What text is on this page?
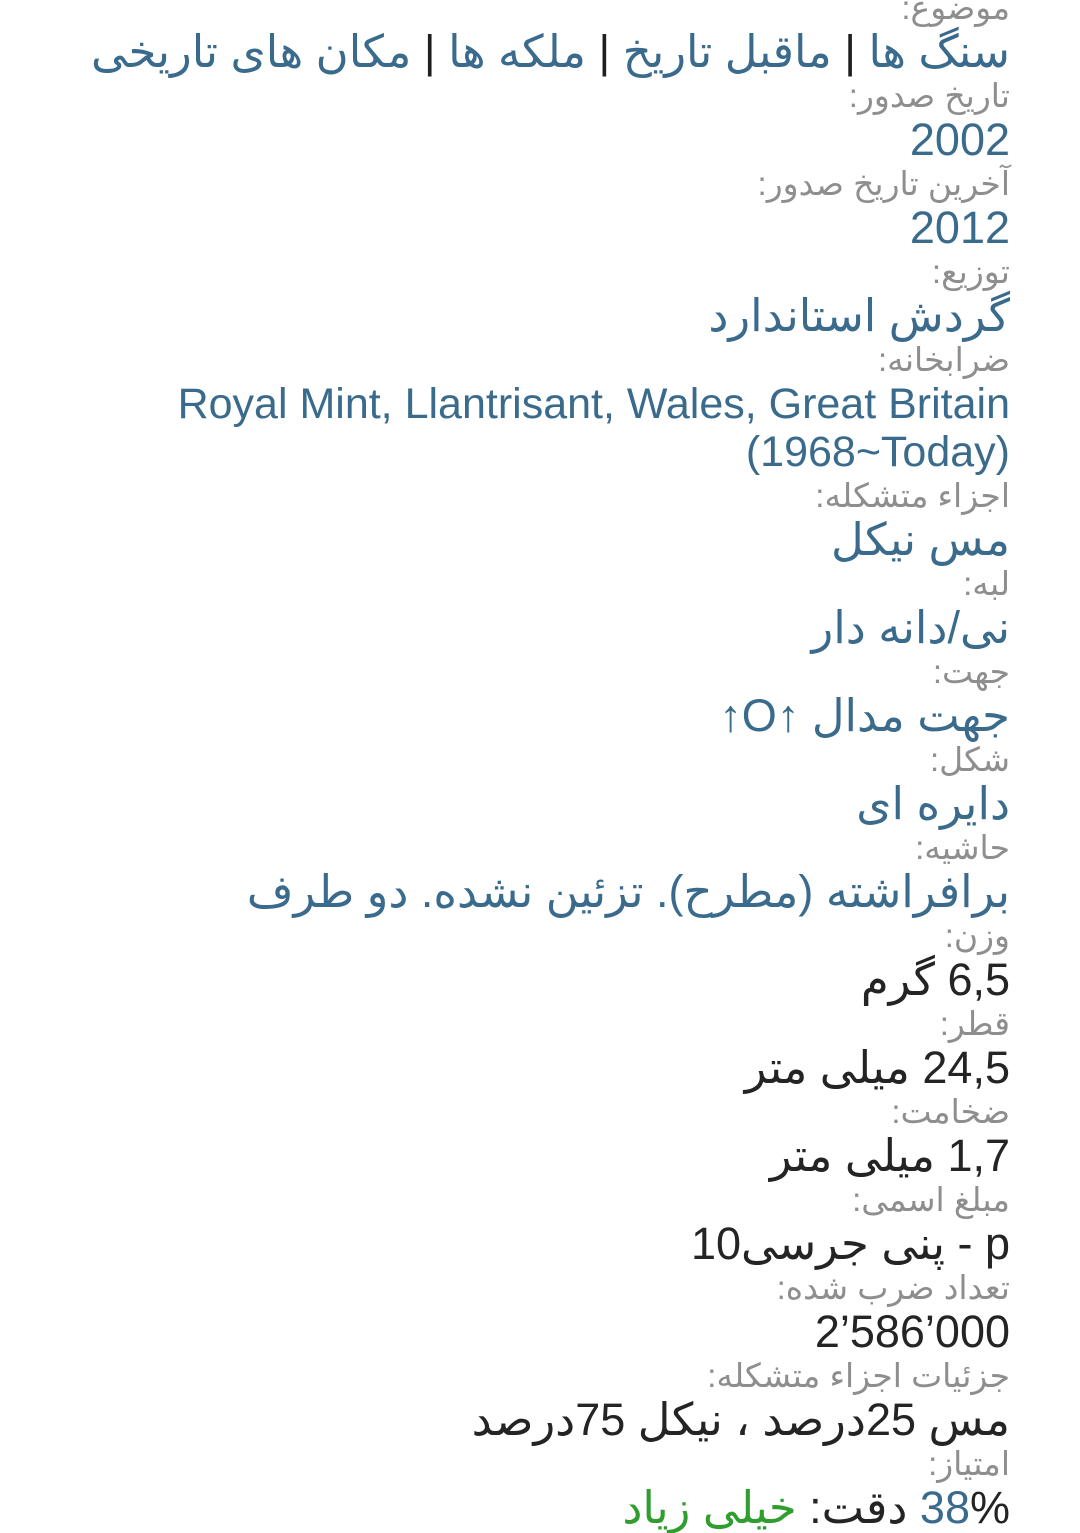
موضوع:
سنگ ها | ماقبل تاریخ | ملکه ها | مکان های تاریخی
تاریخ صدور:
2002
آخرین تاریخ صدور:
2012
توزیع:
گردش استاندارد
ضرابخانه:
Royal Mint, Llantrisant, Wales, Great Britain (1968~Today)
اجزاء متشکله:
مس نیکل
لبه:
نی/دانه دار
جهت:
جهت مدال ↑O↑
شکل:
دایره ای
حاشیه:
برافراشته (مطرح). تزئین نشده. دو طرف
وزن:
6,5 گرم
قطر:
24,5 میلی متر
ضخامت:
1,7 میلی متر
مبلغ اسمی:
p - پنی جرسی10
تعداد ضرب شده:
2’586’000
جزئیات اجزاء متشکله:
مس 25درصد ، نیکل 75درصد
امتیاز:
38% دقت: خیلی زیاد
